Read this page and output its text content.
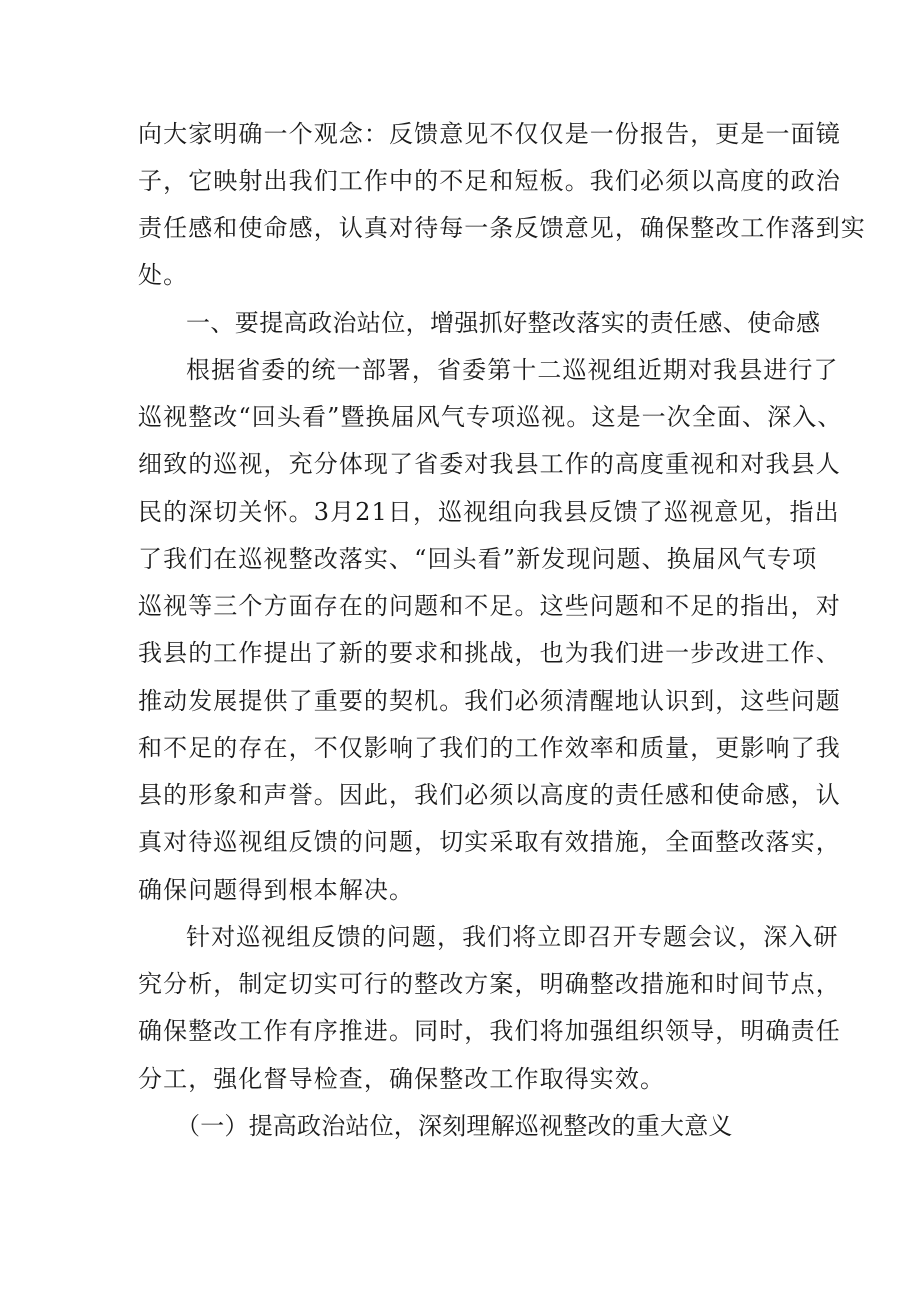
向大家明确一个观念：反馈意见不仅仅是一份报告，更是一面镜
子，它映射出我们工作中的不足和短板。我们必须以高度的政治
责任感和使命感，认真对待每一条反馈意见，确保整改工作落到实
处。
一、要提高政治站位，增强抓好整改落实的责任感、使命感
根据省委的统一部署，省委第十二巡视组近期对我县进行了
巡视整改“回头看”暨换届风气专项巡视。这是一次全面、深入、
细致的巡视，充分体现了省委对我县工作的高度重视和对我县人
民的深切关怀。3月21日，巡视组向我县反馈了巡视意见，指出
了我们在巡视整改落实、“回头看”新发现问题、换届风气专项
巡视等三个方面存在的问题和不足。这些问题和不足的指出，对
我县的工作提出了新的要求和挑战，也为我们进一步改进工作、
推动发展提供了重要的契机。我们必须清醒地认识到，这些问题
和不足的存在，不仅影响了我们的工作效率和质量，更影响了我
县的形象和声誉。因此，我们必须以高度的责任感和使命感，认
真对待巡视组反馈的问题，切实采取有效措施，全面整改落实，
确保问题得到根本解决。
针对巡视组反馈的问题，我们将立即召开专题会议，深入研
究分析，制定切实可行的整改方案，明确整改措施和时间节点，
确保整改工作有序推进。同时，我们将加强组织领导，明确责任
分工，强化督导检查，确保整改工作取得实效。
（一）提高政治站位，深刻理解巡视整改的重大意义
